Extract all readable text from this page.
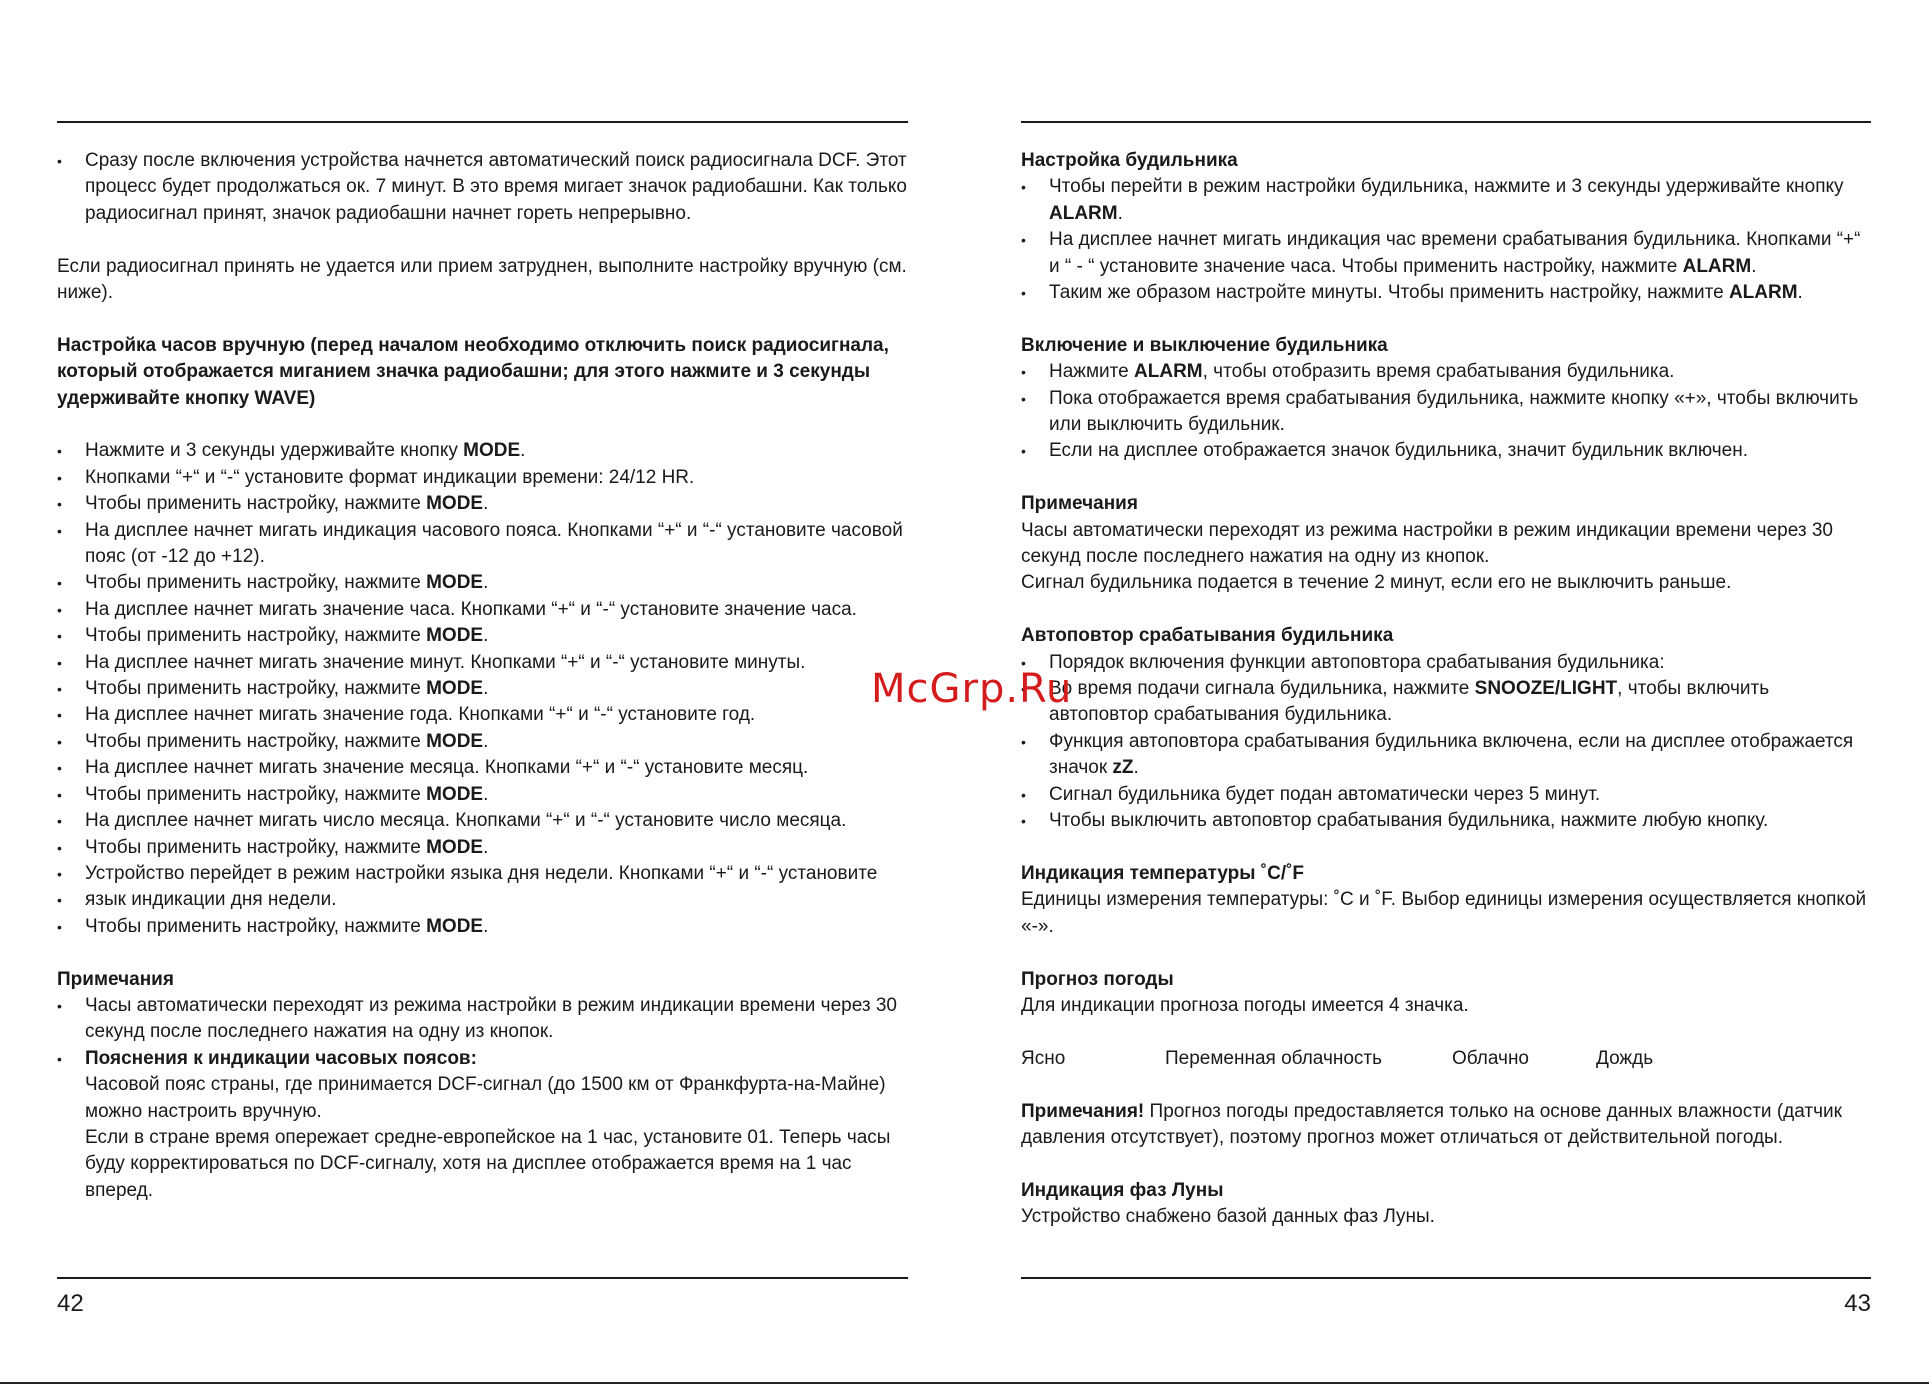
• Сразу после включения устройства начнется автоматический поиск радиосигнала DCF. Этот процесс будет продолжаться ок. 7 минут. В это время мигает значок радиобашни. Как только радиосигнал принят, значок радиобашни начнет гореть непрерывно.

Если радиосигнал принять не удается или прием затруднен, выполните настройку вручную (см. ниже).

Настройка часов вручную (перед началом необходимо отключить поиск радиосигнала, который отображается миганием значка радиобашни; для этого нажмите и 3 секунды удерживайте кнопку WAVE)

• Нажмите и 3 секунды удерживайте кнопку MODE.
• Кнопками “+“ и “-“ установите формат индикации времени: 24/12 HR.
• Чтобы применить настройку, нажмите MODE.
• На дисплее начнет мигать индикация часового пояса. Кнопками “+“ и “-“ установите часовой пояс (от -12 до +12).
• Чтобы применить настройку, нажмите MODE.
• На дисплее начнет мигать значение часа. Кнопками “+“ и “-“ установите значение часа.
• Чтобы применить настройку, нажмите MODE.
• На дисплее начнет мигать значение минут. Кнопками “+“ и “-“ установите минуты.
• Чтобы применить настройку, нажмите MODE.
• На дисплее начнет мигать значение года. Кнопками “+“ и “-“ установите год.
• Чтобы применить настройку, нажмите MODE.
• На дисплее начнет мигать значение месяца. Кнопками “+“ и “-“ установите месяц.
• Чтобы применить настройку, нажмите MODE.
• На дисплее начнет мигать число месяца. Кнопками “+“ и “-“ установите число месяца.
• Чтобы применить настройку, нажмите MODE.
• Устройство перейдет в режим настройки языка дня недели. Кнопками “+“ и “-“ установите
• язык индикации дня недели.
• Чтобы применить настройку, нажмите MODE.

Примечания

• Часы автоматически переходят из режима настройки в режим индикации времени через 30 секунд после последнего нажатия на одну из кнопок.
• Пояснения к индикации часовых поясов:

Часовой пояс страны, где принимается DCF-сигнал (до 1500 км от Франкфурта-на-Майне) можно настроить вручную.

Если в стране время опережает средне-европейское на 1 час, установите 01. Теперь часы буду корректироваться по DCF-сигналу, хотя на дисплее отображается время на 1 час вперед.

42

Настройка будильника

• Чтобы перейти в режим настройки будильника, нажмите и 3 секунды удерживайте кнопку ALARM.
• На дисплее начнет мигать индикация час времени срабатывания будильника. Кнопками “+“ и “ - “ установите значение часа. Чтобы применить настройку, нажмите ALARM.
• Таким же образом настройте минуты. Чтобы применить настройку, нажмите ALARM.

Включение и выключение будильника

• Нажмите ALARM, чтобы отобразить время срабатывания будильника.
• Пока отображается время срабатывания будильника, нажмите кнопку «+», чтобы включить или выключить будильник.
• Если на дисплее отображается значок будильника, значит будильник включен.

Примечания

Часы автоматически переходят из режима настройки в режим индикации времени через 30 секунд после последнего нажатия на одну из кнопок.

Сигнал будильника подается в течение 2 минут, если его не выключить раньше.

Автоповтор срабатывания будильника

• Порядок включения функции автоповтора срабатывания будильника:
• Во время подачи сигнала будильника, нажмите SNOOZE/LIGHT, чтобы включить автоповтор срабатывания будильника.
• Функция автоповтора срабатывания будильника включена, если на дисплее отображается значок zZ.
• Сигнал будильника будет подан автоматически через 5 минут.
• Чтобы выключить автоповтор срабатывания будильника, нажмите любую кнопку.

Индикация температуры ˚C/˚F

Единицы измерения температуры: ˚C и ˚F. Выбор единицы измерения осуществляется кнопкой «-».

Прогноз погоды

Для индикации прогноза погоды имеется 4 значка.

Ясно	Переменная облачность	Облачно	Дождь

Примечания! Прогноз погоды предоставляется только на основе данных влажности (датчик давления отсутствует), поэтому прогноз может отличаться от действительной погоды.

Индикация фаз Луны

Устройство снабжено базой данных фаз Луны.

43
McGrp.Ru
